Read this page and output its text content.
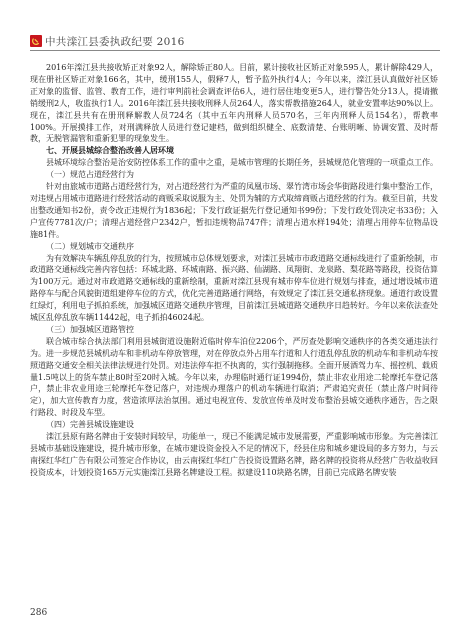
中共滦江县委执政纪要 2016

2016年滦江县共接收矫正对象92人，解除矫正80人。目前，累计接收社区矫正对象595人，累计解除429人，现在册社区矫正对象166名，其中，缓刑155人，假释7人，暂予监外执行4人；今年以来，滦江县认真做好社区矫正对象的监督、监管、教育工作，进行审判前社会调查评估6人，进行居住地变更5人，进行警告处分13人，提请撤销缓刑2人，收监执行1人。2016年滦江县共接收刑释人员264人，落实帮教措施264人，就业安置率达90%以上。现在，滦江县共有在册刑释解教人员724名（其中五年内刑释人员570名，三年内刑释人员154名），帮教率100%。开展摸排工作，对刑满释放人员进行登记建档，做到组织健全、底数清楚、台账明晰、协调安置、及时帮教，无脱管漏管和重新犯罪的现象发生。

七、开展县城综合整治改善人居环境

县城环境综合整治是治安防控体系工作的重中之重，是城市管理的长期任务，县城规范化管理的一项重点工作。

（一）规范占道经营行为

针对由旅城市道路占道经营行为，对占道经营行为严重的凤凰市场、翠竹湾市场会华街路段进行集中整治工作，对违规占用城市道路进行经营活动的商贩采取说服为主、处罚为辅的方式取缔商贩占道经营的行为。截至目前，共发出整改通知书2份，责令改正违规行为1836起；下发行政证据先行登记通知书99份；下发行政处罚决定书33份；入户宣传7781次/户；清理占道经营户2342户，暂扣违规物品747件；清理占道水样194处；清理占用停车位物品设施81件。

（二）规划城市交通秩序

为有效解决车辆乱停乱放的行为，按照城市总体规划要求，对滦江县城市市政道路交通标线进行了重新绘制，市政道路交通标线完善内容包括：环城北路、环城南路、振兴路、仙湖路、凤翔街、龙泉路、梨花路等路段，投资估算为100万元。通过对市政道路交通标线的重新绘制，重新对滦江县现有城市停车位进行规划与排查，通过增设城市道路停车与配合风貌街道组建停车位的方式，优化完善道路通行网络，有效规定了滦江县交通私挤现象。通道行政设置红绿灯，利用电子抓拍系统，加强城区道路交通秩序管理，目前滦江县城道路交通秩序日趋转好。今年以来依法查处城区乱停乱放车辆11442起，电子抓拍46024起。

（三）加强城区道路管控

联合城市综合执法部门利用县城街道设施附近临时停车泊位2206个，严厉查处影响交通秩序的各类交通违法行为。进一步规范县城机动车和非机动车停放管理，对在停放点外占用车行道和人行道乱停乱放的机动车和非机动车按照道路交通安全相关法律法规进行处罚。对违法停车拒不执离的，实行强制拖移。全面开展酒驾力车、摇控机、载质量1.5吨以上的货车禁止80时至20时入城。今年以来，办理临时通行证1994份，禁止非农业用途二轮摩托车登记落户，禁止非农业用途三轮摩托车登记落户，对违规办理落户的机动车辆进行取消；严肃追究责任（禁止落户时间待定），加大宣传教育力度，营造浓厚法治氛围。通过电视宣传、发放宣传单及时发布整治县城交通秩序通告，告之限行路段、时段及车型。

（四）完善县城设施建设

滦江县原有路名牌由于安装时间较早，功能单一，现已不能满足城市发展需要，严重影响城市形象。为完善滦江县城市基础设施建设，提升城市形象，在城市建设资金投入不足的情况下，经县住房和城乡建设局的多方努力，与云南探红华红广告有限公司签定合作协议，由云南探红华红广告投资设置路名牌，路名牌的投资将从经营广告收益收回投资成本，计划投资165万元实施滦江县路名牌建设工程。拟建设110块路名牌，目前已完成路名牌安装

286
